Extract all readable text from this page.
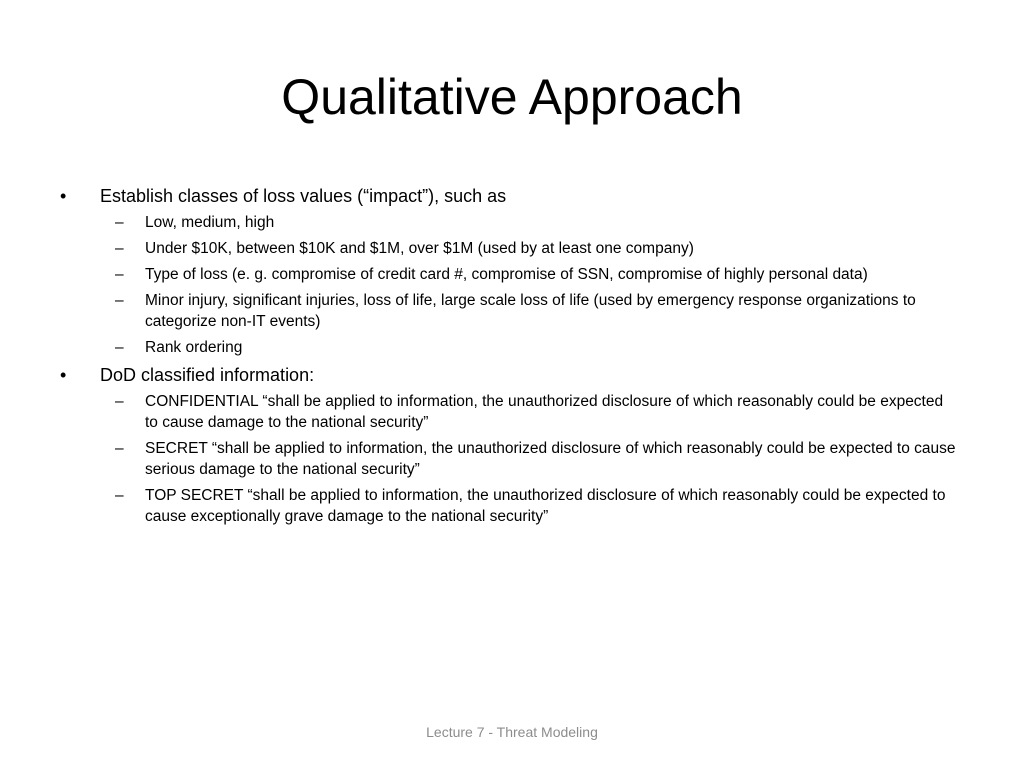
Qualitative Approach
• Establish classes of loss values (“impact”), such as
– Low, medium, high
– Under $10K, between $10K and $1M, over $1M (used by at least one company)
– Type of loss (e. g. compromise of credit card #, compromise of SSN, compromise of highly personal data)
– Minor injury, significant injuries, loss of life, large scale loss of life (used by emergency response organizations to categorize non-IT events)
– Rank ordering
• DoD classified information:
– CONFIDENTIAL “shall be applied to information, the unauthorized disclosure of which reasonably could be expected to cause damage to the national security”
– SECRET “shall be applied to information, the unauthorized disclosure of which reasonably could be expected to cause serious damage to the national security”
– TOP SECRET “shall be applied to information, the unauthorized disclosure of which reasonably could be expected to cause exceptionally grave damage to the national security”
Lecture 7 - Threat Modeling
